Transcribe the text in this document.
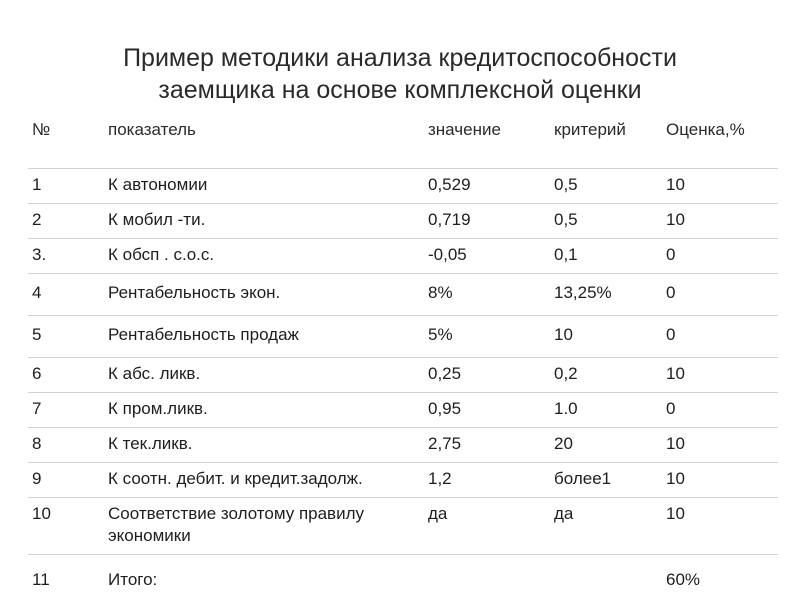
Пример методики анализа кредитоспособности
заемщика на основе комплексной оценки
№	показатель	значение	критерий	Оценка,%
1	К автономии	0,529	0,5	10
2	К мобил -ти.	0,719	0,5	10
3.	К обсп . с.о.с.	-0,05	0,1	0
4	Рентабельность экон.	8%	13,25%	0
5	Рентабельность продаж	5%	10	0
6	К абс. ликв.	0,25	0,2	10
7	К пром.ликв.	0,95	1.0	0
8	К тек.ликв.	2,75	20	10
9	К соотн. дебит. и кредит.задолж.	1,2	более1	10
10	Соответствие золотому правилу экономики	да	да	10
11	Итого:			60%
